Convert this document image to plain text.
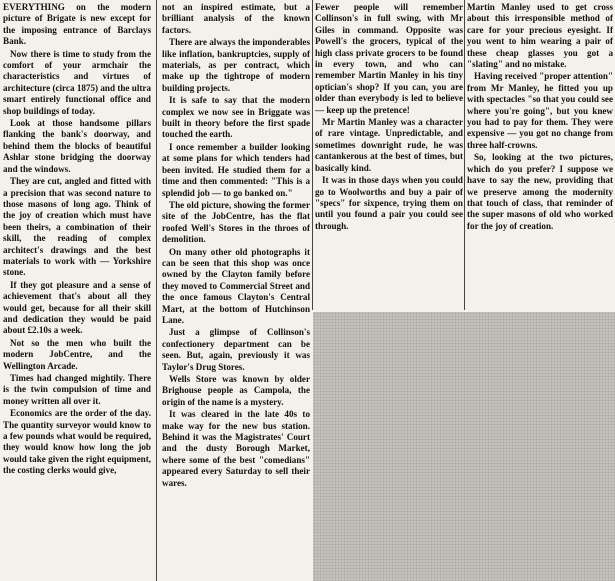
EVERYTHING on the modern picture of Brigate is new except for the imposing entrance of Barclays Bank.

Now there is time to study from the comfort of your armchair the characteristics and virtues of architecture (circa 1875) and the ultra smart entirely functional office and shop buildings of today.

Look at those handsome pillars flanking the bank's doorway, and behind them the blocks of beautiful Ashlar stone bridging the doorway and the windows.

They are cut, angled and fitted with a precision that was second nature to those masons of long ago. Think of the joy of creation which must have been theirs, a combination of their skill, the reading of complex architect's drawings and the best materials to work with — Yorkshire stone.

If they got pleasure and a sense of achievement that's about all they would get, because for all their skill and dedication they would be paid about £2.10s a week.

Not so the men who built the modern JobCentre, and the Wellington Arcade.

Times had changed mightily. There is the twin compulsion of time and money written all over it.

Economics are the order of the day. The quantity surveyor would know to a few pounds what would be required, they would know how long the job would take given the right equipment, the costing clerks would give,

not an inspired estimate, but a brilliant analysis of the known factors.

There are always the imponderables like inflation, bankruptcies, supply of materials, as per contract, which make up the tightrope of modern building projects.

It is safe to say that the modern complex we now see in Briggate was built in theory before the first spade touched the earth.

I once remember a builder looking at some plans for which tenders had been invited. He studied them for a time and then commented: "This is a splendid job — to go banked on."

The old picture, showing the former site of the JobCentre, has the flat roofed Well's Stores in the throes of demolition.

On many other old photographs it can be seen that this shop was once owned by the Clayton family before they moved to Commercial Street and the once famous Clayton's Central Mart, at the bottom of Hutchinson Lane.

Just a glimpse of Collinson's confectionery department can be seen. But, again, previously it was Taylor's Drug Stores.

Wells Store was known by older Brighouse people as Campola, the origin of the name is a mystery.

It was cleared in the late 40s to make way for the new bus station. Behind it was the Magistrates' Court and the dusty Borough Market, where some of the best "comedians" appeared every Saturday to sell their wares.

Fewer people will remember Collinson's in full swing, with Mr Giles in command. Opposite was Powell's the grocers, typical of the high class private grocers to be found in every town, and who can remember Martin Manley in his tiny optician's shop? If you can, you are older than everybody is led to believe — keep up the pretence!

Mr Martin Manley was a character of rare vintage. Unpredictable, and sometimes downright rude, he was cantankerous at the best of times, but basically kind.

It was in those days when you could go to Woolworths and buy a pair of "specs" for sixpence, trying them on until you found a pair you could see through.

Martin Manley used to get cross about this irresponsible method of care for your precious eyesight. If you went to him wearing a pair of these cheap glasses you got a "slating" and no mistake.

Having received "proper attention" from Mr Manley, he fitted you up with spectacles "so that you could see where you're going", but you knew you had to pay for them. They were expensive — you got no change from three half-crowns.

So, looking at the two pictures, which do you prefer? I suppose we have to say the new, providing that we preserve among the modernity that touch of class, that reminder of the super masons of old who worked for the joy of creation.
